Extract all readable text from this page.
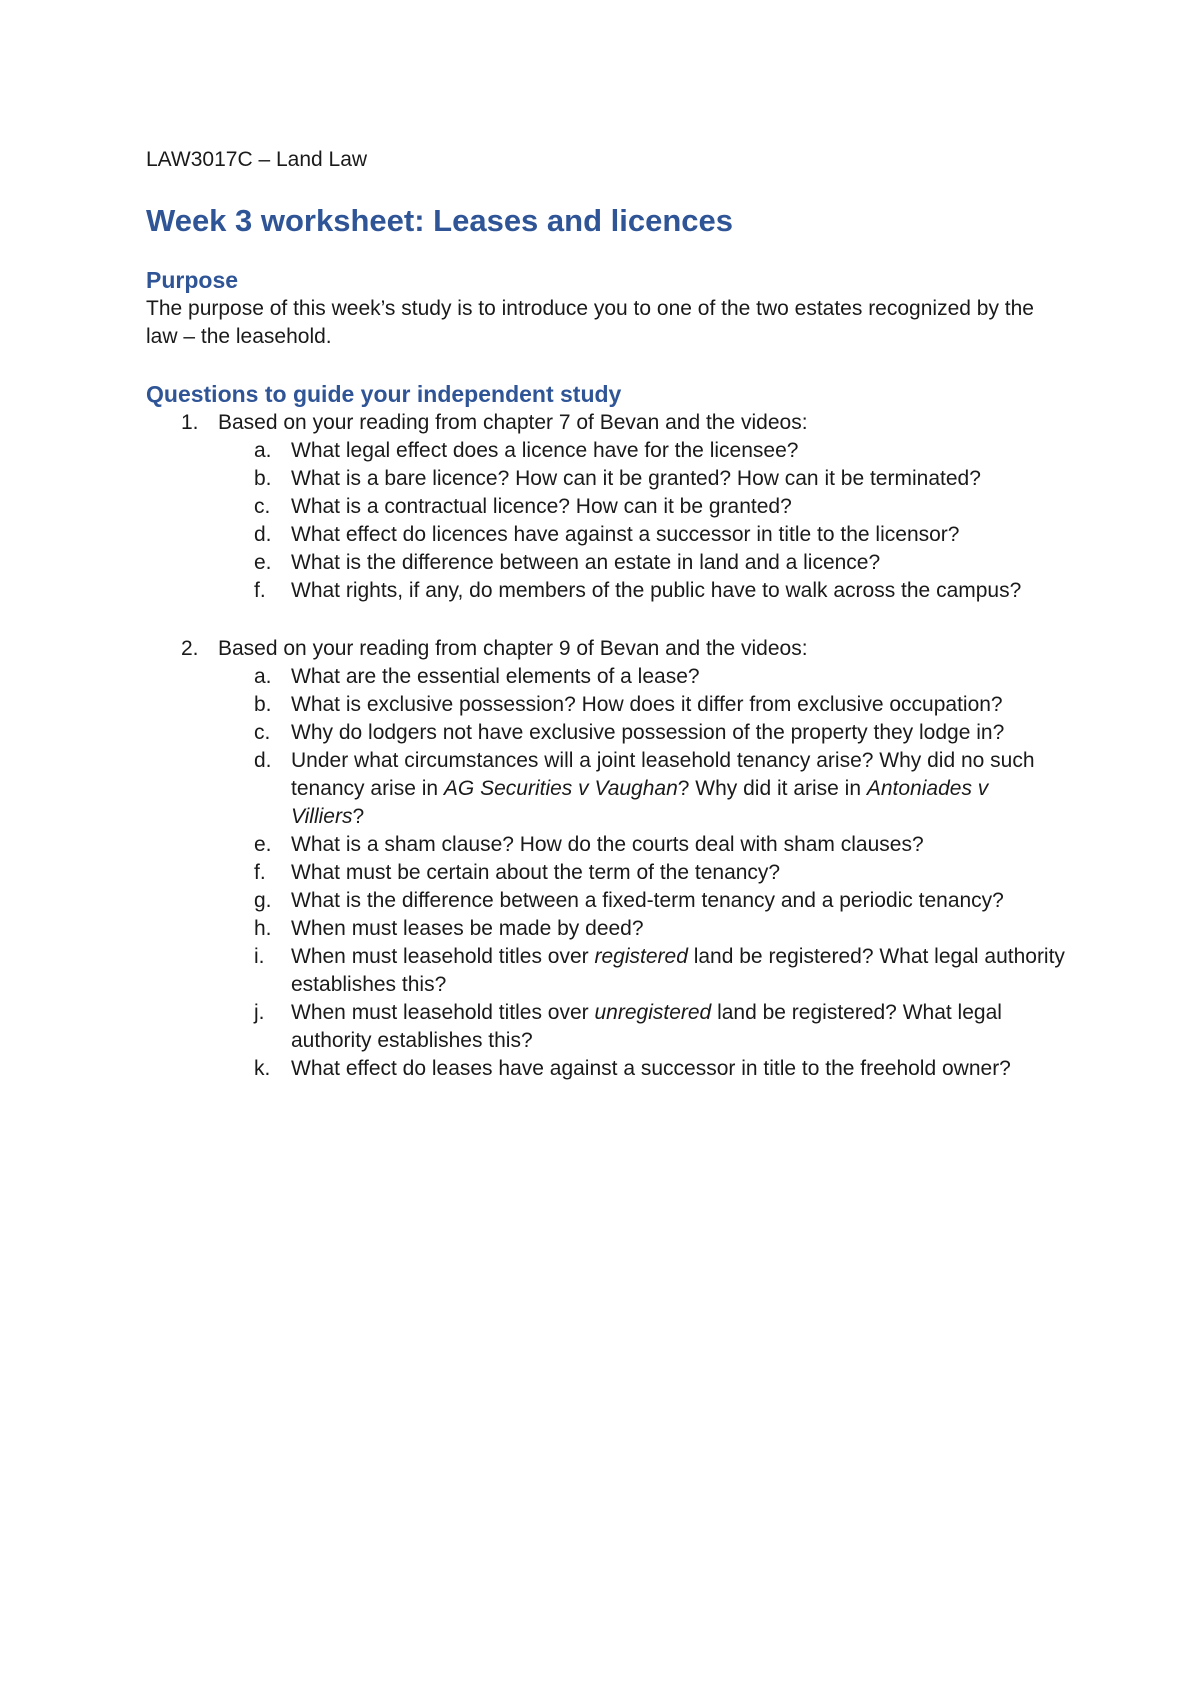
LAW3017C – Land Law

Week 3 worksheet: Leases and licences
Purpose

The purpose of this week’s study is to introduce you to one of the two estates recognized by the law – the leasehold.

Questions to guide your independent study
1. Based on your reading from chapter 7 of Bevan and the videos:
a. What legal effect does a licence have for the licensee?
b. What is a bare licence? How can it be granted? How can it be terminated?
c. What is a contractual licence? How can it be granted?
d. What effect do licences have against a successor in title to the licensor?
e. What is the difference between an estate in land and a licence?
f. What rights, if any, do members of the public have to walk across the campus?
2. Based on your reading from chapter 9 of Bevan and the videos:
a. What are the essential elements of a lease?
b. What is exclusive possession? How does it differ from exclusive occupation?
c. Why do lodgers not have exclusive possession of the property they lodge in?
d. Under what circumstances will a joint leasehold tenancy arise? Why did no such tenancy arise in AG Securities v Vaughan? Why did it arise in Antoniades v Villiers?
e. What is a sham clause? How do the courts deal with sham clauses?
f. What must be certain about the term of the tenancy?
g. What is the difference between a fixed-term tenancy and a periodic tenancy?
h. When must leases be made by deed?
i. When must leasehold titles over registered land be registered? What legal authority establishes this?
j. When must leasehold titles over unregistered land be registered? What legal authority establishes this?
k. What effect do leases have against a successor in title to the freehold owner?
